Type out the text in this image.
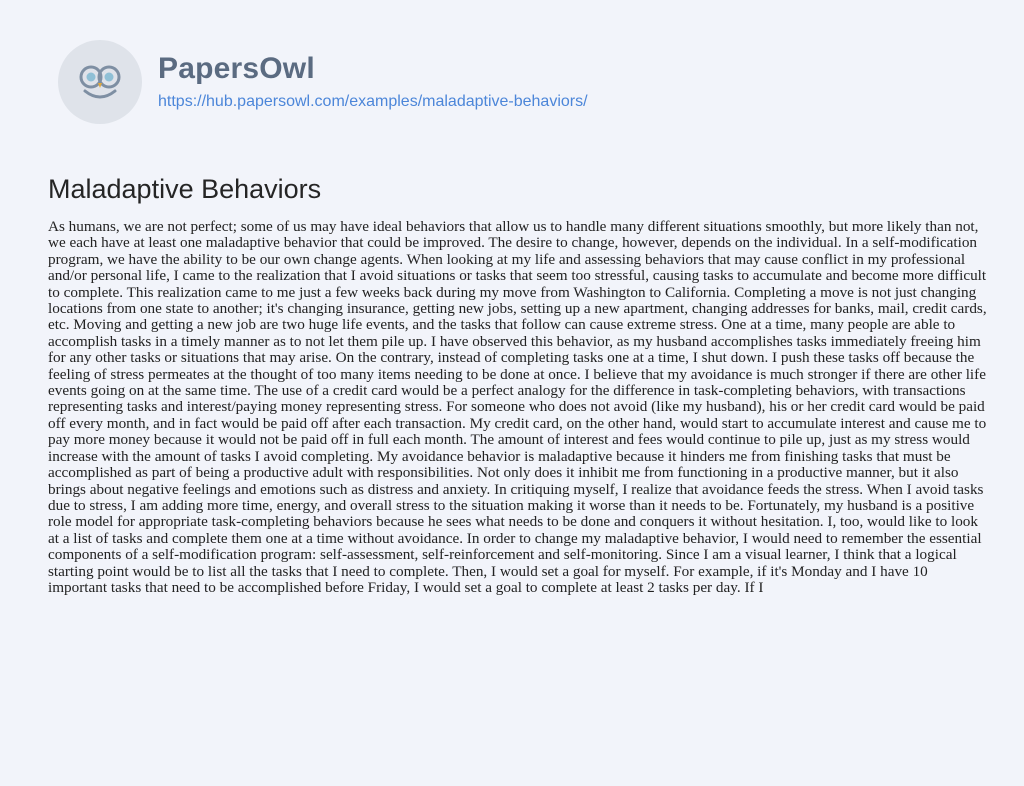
PapersOwl
https://hub.papersowl.com/examples/maladaptive-behaviors/
Maladaptive Behaviors

As humans, we are not perfect; some of us may have ideal behaviors that allow us to handle many different situations smoothly, but more likely than not, we each have at least one maladaptive behavior that could be improved. The desire to change, however, depends on the individual. In a self-modification program, we have the ability to be our own change agents. When looking at my life and assessing behaviors that may cause conflict in my professional and/or personal life, I came to the realization that I avoid situations or tasks that seem too stressful, causing tasks to accumulate and become more difficult to complete. This realization came to me just a few weeks back during my move from Washington to California. Completing a move is not just changing locations from one state to another; it's changing insurance, getting new jobs, setting up a new apartment, changing addresses for banks, mail, credit cards, etc. Moving and getting a new job are two huge life events, and the tasks that follow can cause extreme stress. One at a time, many people are able to accomplish tasks in a timely manner as to not let them pile up. I have observed this behavior, as my husband accomplishes tasks immediately freeing him for any other tasks or situations that may arise. On the contrary, instead of completing tasks one at a time, I shut down. I push these tasks off because the feeling of stress permeates at the thought of too many items needing to be done at once. I believe that my avoidance is much stronger if there are other life events going on at the same time. The use of a credit card would be a perfect analogy for the difference in task-completing behaviors, with transactions representing tasks and interest/paying money representing stress. For someone who does not avoid (like my husband), his or her credit card would be paid off every month, and in fact would be paid off after each transaction. My credit card, on the other hand, would start to accumulate interest and cause me to pay more money because it would not be paid off in full each month. The amount of interest and fees would continue to pile up, just as my stress would increase with the amount of tasks I avoid completing. My avoidance behavior is maladaptive because it hinders me from finishing tasks that must be accomplished as part of being a productive adult with responsibilities. Not only does it inhibit me from functioning in a productive manner, but it also brings about negative feelings and emotions such as distress and anxiety. In critiquing myself, I realize that avoidance feeds the stress. When I avoid tasks due to stress, I am adding more time, energy, and overall stress to the situation making it worse than it needs to be. Fortunately, my husband is a positive role model for appropriate task-completing behaviors because he sees what needs to be done and conquers it without hesitation. I, too, would like to look at a list of tasks and complete them one at a time without avoidance. In order to change my maladaptive behavior, I would need to remember the essential components of a self-modification program: self-assessment, self-reinforcement and self-monitoring. Since I am a visual learner, I think that a logical starting point would be to list all the tasks that I need to complete. Then, I would set a goal for myself. For example, if it's Monday and I have 10 important tasks that need to be accomplished before Friday, I would set a goal to complete at least 2 tasks per day. If I
